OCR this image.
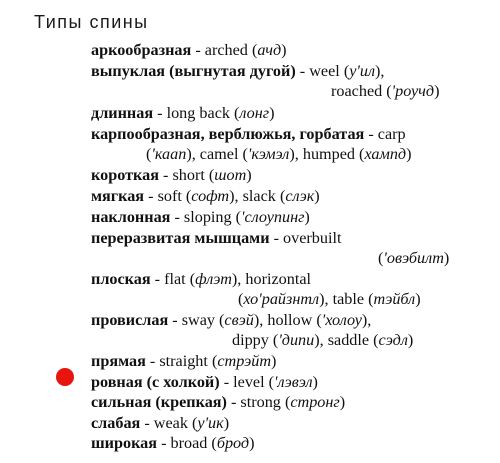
Типы спины
аркообразная - arched (ачд)
выпуклая (выгнутая дугой) - weel (у'ил),
roached ('роучд)
длинная - long back (лонг)
карпообразная, верблюжья, горбатая - carp
('каап), camel ('кэмэл), humped (хампд)
короткая - short (шот)
мягкая - soft (софт), slack (слэк)
наклонная - sloping ('слоупинг)
переразвитая мышцами - overbuilt
('овэбилт)
плоская - flat (флэт), horizontal
(хо'райзнтл), table (тэйбл)
провислая - sway (свэй), hollow ('холоу),
dippy ('дипи), saddle (сэдл)
прямая - straight (стрэйт)
ровная (с холкой) - level ('лэвэл)
сильная (крепкая) - strong (стронг)
слабая - weak (у'ик)
широкая - broad (брод)
